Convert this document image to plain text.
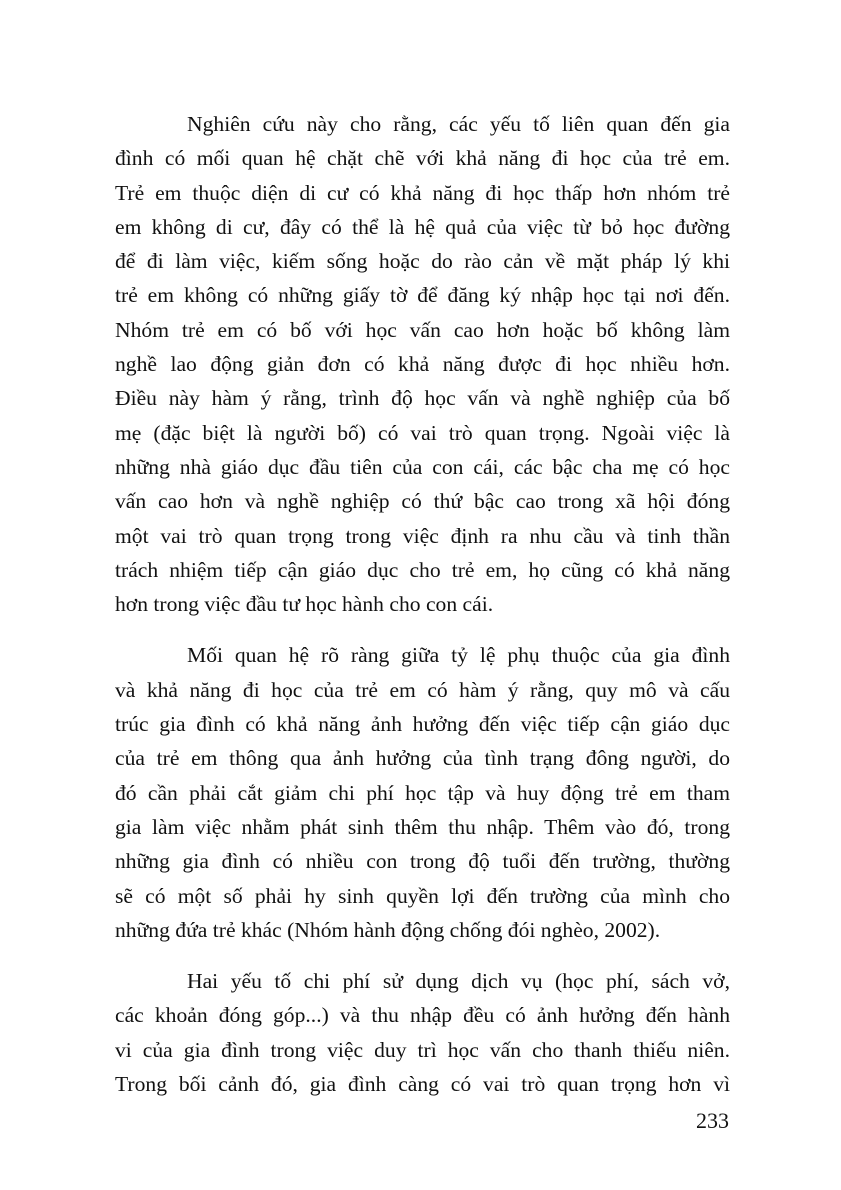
Nghiên cứu này cho rằng, các yếu tố liên quan đến gia
đình có mối quan hệ chặt chẽ với khả năng đi học của trẻ em.
Trẻ em thuộc diện di cư có khả năng đi học thấp hơn nhóm trẻ
em không di cư, đây có thể là hệ quả của việc từ bỏ học đường
để đi làm việc, kiếm sống hoặc do rào cản về mặt pháp lý khi
trẻ em không có những giấy tờ để đăng ký nhập học tại nơi đến.
Nhóm trẻ em có bố với học vấn cao hơn hoặc bố không làm
nghề lao động giản đơn có khả năng được đi học nhiều hơn.
Điều này hàm ý rằng, trình độ học vấn và nghề nghiệp của bố
mẹ (đặc biệt là người bố) có vai trò quan trọng. Ngoài việc là
những nhà giáo dục đầu tiên của con cái, các bậc cha mẹ có học
vấn cao hơn và nghề nghiệp có thứ bậc cao trong xã hội đóng
một vai trò quan trọng trong việc định ra nhu cầu và tinh thần
trách nhiệm tiếp cận giáo dục cho trẻ em, họ cũng có khả năng
hơn trong việc đầu tư học hành cho con cái.
Mối quan hệ rõ ràng giữa tỷ lệ phụ thuộc của gia đình
và khả năng đi học của trẻ em có hàm ý rằng, quy mô và cấu
trúc gia đình có khả năng ảnh hưởng đến việc tiếp cận giáo dục
của trẻ em thông qua ảnh hưởng của tình trạng đông người, do
đó cần phải cắt giảm chi phí học tập và huy động trẻ em tham
gia làm việc nhằm phát sinh thêm thu nhập. Thêm vào đó, trong
những gia đình có nhiều con trong độ tuổi đến trường, thường
sẽ có một số phải hy sinh quyền lợi đến trường của mình cho
những đứa trẻ khác (Nhóm hành động chống đói nghèo, 2002).
Hai yếu tố chi phí sử dụng dịch vụ (học phí, sách vở,
các khoản đóng góp...) và thu nhập đều có ảnh hưởng đến hành
vi của gia đình trong việc duy trì học vấn cho thanh thiếu niên.
Trong bối cảnh đó, gia đình càng có vai trò quan trọng hơn vì
233
